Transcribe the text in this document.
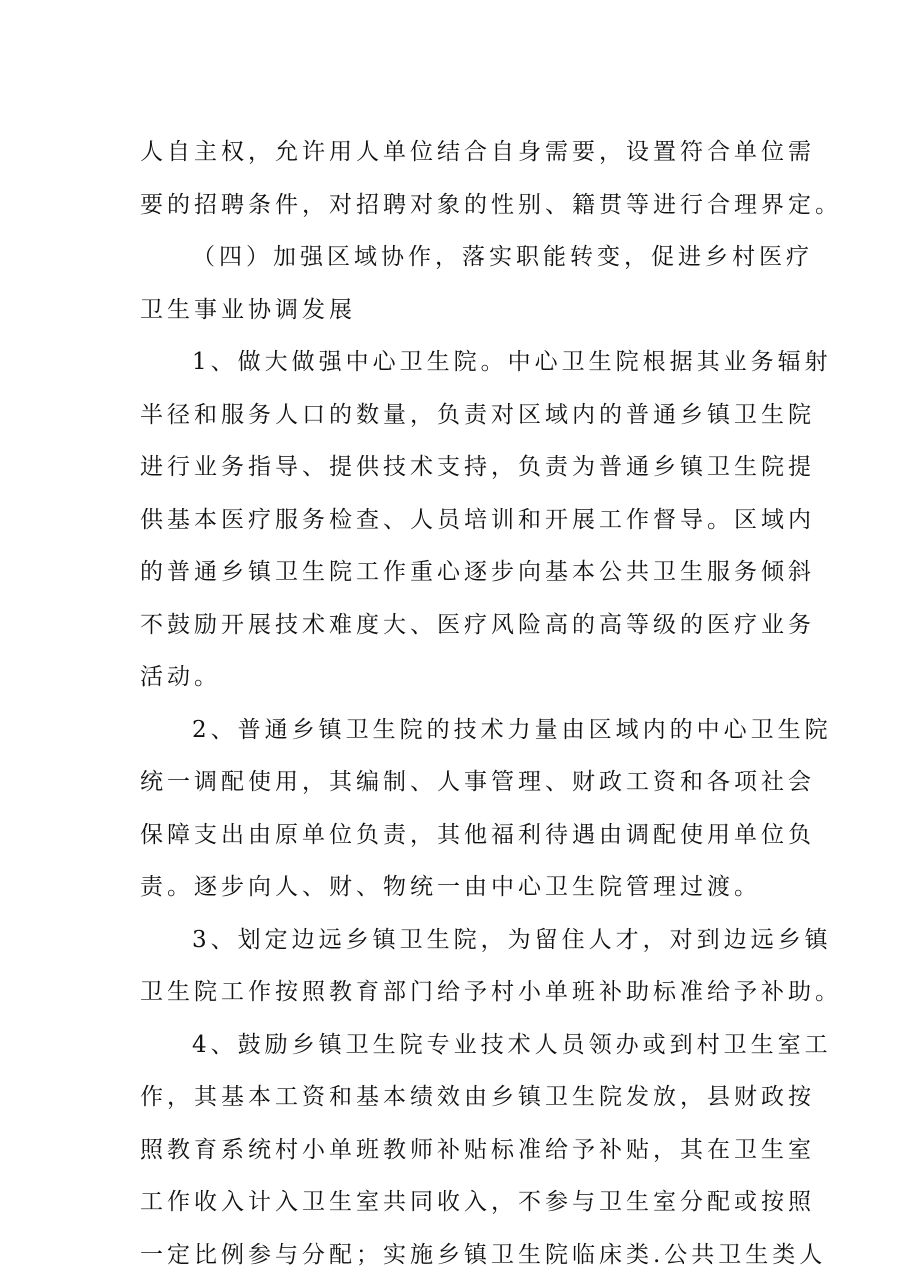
人自主权，允许用人单位结合自身需要，设置符合单位需
要的招聘条件，对招聘对象的性别、籍贯等进行合理界定。
（四）加强区域协作，落实职能转变，促进乡村医疗
卫生事业协调发展
1、做大做强中心卫生院。中心卫生院根据其业务辐射
半径和服务人口的数量，负责对区域内的普通乡镇卫生院
进行业务指导、提供技术支持，负责为普通乡镇卫生院提
供基本医疗服务检查、人员培训和开展工作督导。区域内
的普通乡镇卫生院工作重心逐步向基本公共卫生服务倾斜
不鼓励开展技术难度大、医疗风险高的高等级的医疗业务
活动。
2、普通乡镇卫生院的技术力量由区域内的中心卫生院
统一调配使用，其编制、人事管理、财政工资和各项社会
保障支出由原单位负责，其他福利待遇由调配使用单位负
责。逐步向人、财、物统一由中心卫生院管理过渡。
3、划定边远乡镇卫生院，为留住人才，对到边远乡镇
卫生院工作按照教育部门给予村小单班补助标准给予补助。
4、鼓励乡镇卫生院专业技术人员领办或到村卫生室工
作，其基本工资和基本绩效由乡镇卫生院发放，县财政按
照教育系统村小单班教师补贴标准给予补贴，其在卫生室
工作收入计入卫生室共同收入，不参与卫生室分配或按照
一定比例参与分配；实施乡镇卫生院临床类.公共卫生类人
